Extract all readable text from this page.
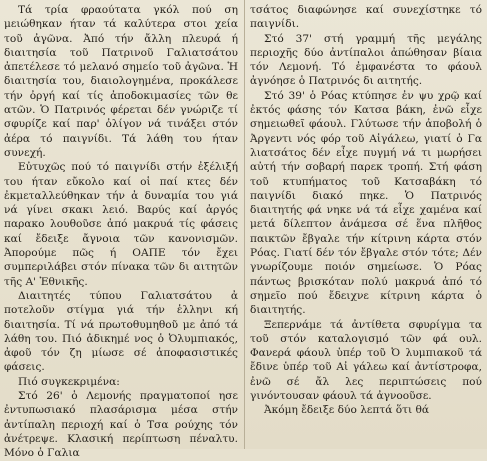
Τά τρία φραούτατα γκόλ πού ση μειώθηκαν ήταν τά καλύτερα στοι χεία τοῦ ἀγῶνα. Ἀπό τήν ἄλλη πλευρά ή διαιτησία τοῦ Πατρινοῦ Γαλιατσάτου ἀπετέλεσε τό μελανό σημείο τοῦ ἀγῶνα. Ἡ διαιτησία του, διαιολογημένα, προκάλεσε τήν ὀργή καί τίς ἀποδοκιμασίες τῶν θε ατῶν. Ὁ Πατρινός φέρεται δέν γνώριζε τί σφυρίζε καί παρ' ὀλίγον νά τινάξει στόν ἀέρα τό παιγνίδι. Τά λάθη του ήταν συνεχή.

Εὐτυχῶς πού τό παιγνίδι στήν ἐξέλιξή του ήταν εὔκολο καί οἱ παί κτες δέν ἐκμεταλλεύθηκαν τήν ἀ δυναμία του γιά νά γίνει σκακι λειό. Βαρύς καί ἀργός παρακο λουθοῦσε ἀπό μακρυά τίς φάσεις καί ἔδειξε ἄγνοια τῶν κανονισμῶν. Ἀπορούμε πῶς ή ΟΑΠΕ τόν ἔχει συμπεριλάβει στόν πίνακα τῶν δι αιτητῶν τῆς Α' Ἐθνικῆς.

Διαιτητές τύπου Γαλιατσάτου ἀ ποτελοῦν στίγμα γιά τήν ἑλληνι κή διαιτησία. Τί νά πρωτοθυμηθοῦ με ἀπό τά λάθη του. Πιό ἀδικημέ νος ὁ Ὀλυμπιακός, ἀφοῦ τόν ζη μίωσε σέ ἀποφασιστικές φάσεις.

Πιό συγκεκριμένα:

Στό 26' ὁ Λεμονής πραγματοποί ησε ἐντυπωσιακό πλασάρισμα μέσα στήν ἀντίπαλη περιοχή καί ὁ Τσα ρούχης τόν ἀνέτρεψε. Κλασική περίπτωση πέναλτυ. Μόνο ὁ Γαλια

τσάτος διαφώνησε καί συνεχίστηκε τό παιγνίδι.

Στό 37' στή γραμμή τῆς μεγάλης περιοχῆς δύο ἀντίπαλοι ἀπώθησαν βίαια τόν Λεμονή. Τό ἐμφανέστα το φάουλ ἀγνόησε ὁ Πατρινός δι αιτητής.

Στό 39' ὁ Ρόας κτύπησε ἐν ψυ χρῷ καί ἐκτός φάσης τόν Κατσα βάκη, ἐνῶ εἶχε σημειωθεῖ φάουλ. Γλύτωσε τήν ἀποβολή ὁ Ἀργεντι νός φόρ τοῦ Αἰγάλεω, γιατί ὁ Γα λιατσάτος δέν εἶχε πυγμή νά τι μωρήσει αὐτή τήν σοβαρή παρεκ τροπή. Στή φάση τοῦ κτυπήματος τοῦ Κατσαβάκη τό παιγνίδι διακό πηκε. Ὁ Πατρινός διαιτητής φά νηκε νά τά εἶχε χαμένα καί μετά δίλεπτον ἀνάμεσα σέ ἕνα πλῆθος παικτῶν ἔβγαλε τήν κίτρινη κάρτα στόν Ρόας. Γιατί δέν τόν ἔβγαλε στόν τότε; Δέν γνωρίζουμε ποιόν σημείωσε. Ὁ Ρόας πάντως βρισκόταν πολύ μακρυά ἀπό τό σημεῖο πού ἔδειχνε κίτρινη κάρτα ὁ διαιτητής.

Ξεπερνάμε τά ἀντίθετα σφυρίγμα τα τοῦ στόν καταλογισμό τῶν φά ουλ. Φανερά φάουλ ὑπέρ τοῦ Ὀ λυμπιακοῦ τά ἔδινε ὑπέρ τοῦ Αἰ γάλεω καί ἀντίστροφα, ἐνῶ σέ ἄλ λες περιπτώσεις πού γινόντουσαν φάουλ τά ἀγνοοῦσε.

Ἀκόμη ἔδειξε δύο λεπτά ὅτι θά
